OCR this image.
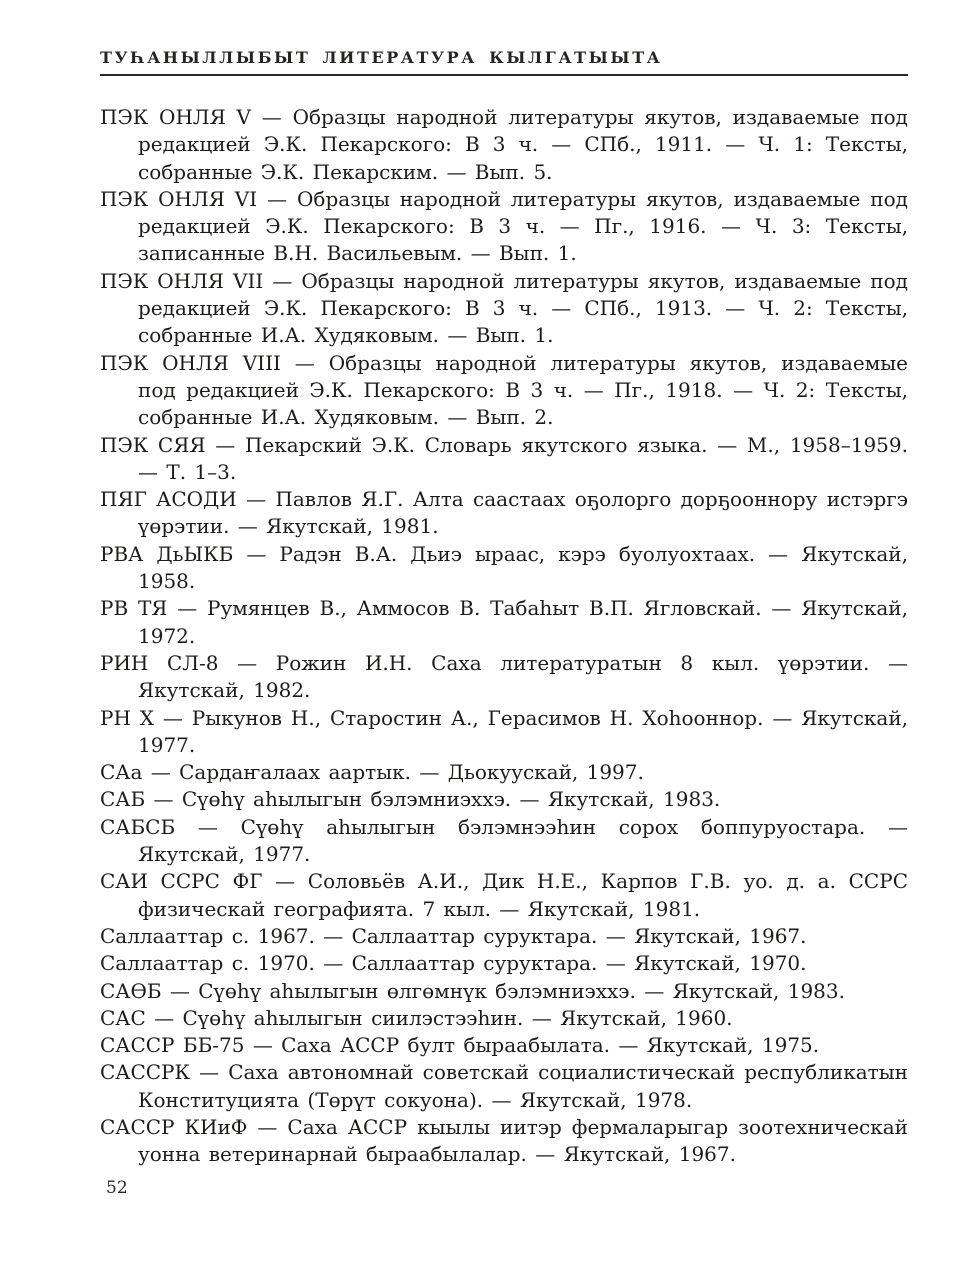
ТУҺАНЫЛЛЫБЫТ ЛИТЕРАТУРА КЫЛГАТЫЫТА

ПЭК ОНЛЯ V — Образцы народной литературы якутов, издаваемые под редакцией Э.К. Пекарского: В 3 ч. — СПб., 1911. — Ч. 1: Тексты, собранные Э.К. Пекарским. — Вып. 5.

ПЭК ОНЛЯ VI — Образцы народной литературы якутов, издаваемые под редакцией Э.К. Пекарского: В 3 ч. — Пг., 1916. — Ч. 3: Тексты, записанные В.Н. Васильевым. — Вып. 1.

ПЭК ОНЛЯ VII — Образцы народной литературы якутов, издаваемые под редакцией Э.К. Пекарского: В 3 ч. — СПб., 1913. — Ч. 2: Тексты, собранные И.А. Худяковым. — Вып. 1.

ПЭК ОНЛЯ VIII — Образцы народной литературы якутов, издаваемые под редакцией Э.К. Пекарского: В 3 ч. — Пг., 1918. — Ч. 2: Тексты, собранные И.А. Худяковым. — Вып. 2.

ПЭК СЯЯ — Пекарский Э.К. Словарь якутского языка. — М., 1958–1959. — Т. 1–3.

ПЯГ АСОДИ — Павлов Я.Г. Алта саастаах оҕолорго дорҕооннору истэргэ үөрэтии. — Якутскай, 1981.

РВА ДьЫКБ — Радэн В.А. Дьиэ ыраас, кэрэ буолуохтаах. — Якутскай, 1958.

РВ ТЯ — Румянцев В., Аммосов В. Табаһыт В.П. Ягловскай. — Якутскай, 1972.

РИН СЛ-8 — Рожин И.Н. Саха литературатын 8 кыл. үөрэтии. — Якутскай, 1982.

РН Х — Рыкунов Н., Старостин А., Герасимов Н. Хоһооннор. — Якутскай, 1977.

САа — Сардаҥалаах аартык. — Дьокуускай, 1997.

САБ — Сүөһү аһылыгын бэлэмниэххэ. — Якутскай, 1983.

САБСБ — Сүөһү аһылыгын бэлэмнээһин сорох боппуруостара. — Якутскай, 1977.

САИ ССРС ФГ — Соловьёв А.И., Дик Н.Е., Карпов Г.В. уо. д. а. ССРС физическай географията. 7 кыл. — Якутскай, 1981.

Саллааттар с. 1967. — Саллааттар суруктара. — Якутскай, 1967.

Саллааттар с. 1970. — Саллааттар суруктара. — Якутскай, 1970.

САӨБ — Сүөһү аһылыгын өлгөмнүк бэлэмниэххэ. — Якутскай, 1983.

САС — Сүөһү аһылыгын сиилэстээһин. — Якутскай, 1960.

САССР ББ-75 — Саха АССР булт быраабылата. — Якутскай, 1975.

САССРК — Саха автономнай советскай социалистическай республикатын Конституцията (Төрүт сокуона). — Якутскай, 1978.

САССР КИиФ — Саха АССР кыылы иитэр фермаларыгар зоотехническай уонна ветеринарнай быраабылалар. — Якутскай, 1967.

52
